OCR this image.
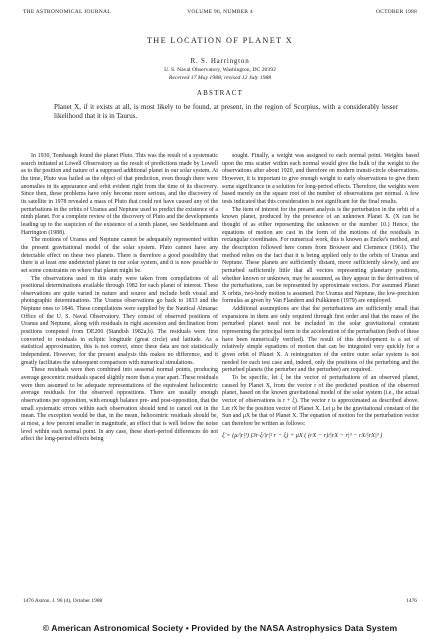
THE ASTRONOMICAL JOURNAL	VOLUME 96, NUMBER 4	OCTOBER 1988
THE LOCATION OF PLANET X
R. S. Harrington
U. S. Naval Observatory, Washington, DC 20392
Received 17 May 1988; revised 12 July 1988
ABSTRACT

Planet X, if it exists at all, is most likely to be found, at present, in the region of Scorpius, with a considerably lesser likelihood that it is in Taurus.

In 1930, Tombaugh found the planet Pluto. This was the result of a systematic search initiated at Lowell Observatory as the result of predictions made by Lowell as to the position and nature of a supposed additional planet in our solar system. At the time, Pluto was hailed as the object of that prediction, even though there were anomalies in its appearance and orbit evident right from the time of its discovery. Since then, these problems have only become more serious, and the discovery of its satellite in 1978 revealed a mass of Pluto that could not have caused any of the perturbations in the orbits of Uranus and Neptune used to predict the existence of a ninth planet. For a complete review of the discovery of Pluto and the developments leading up to the suspicion of the existence of a tenth planet, see Seidelmann and Harrington (1988).

The motions of Uranus and Neptune cannot be adequately represented within the present gravitational model of the solar system. Pluto cannot have any detectable effect on these two planets. There is therefore a good possibility that there is at least one undetected planet in our solar system, and it is now possible to set some constraints on where that planet might be.

The observations used in this study were taken from compilations of all positional determinations available through 1982 for each planet of interest. These observations are quite varied in nature and source and include both visual and photographic determinations. The Uranus observations go back to 1833 and the Neptune ones to 1846. These compilations were supplied by the Nautical Almanac Office of the U. S. Naval Observatory. They consist of observed positions of Uranus and Neptune, along with residuals in right ascension and declination from positions computed from DE200 (Standish 1982a,b). The residuals were first converted to residuals in ecliptic longitude (great circle) and latitude. As a statistical approximation, this is not correct, since these data are not statistically independent. However, for the present analysis this makes no difference, and it greatly facilitates the subsequent comparison with numerical simulations.

These residuals were then combined into seasonal normal points, producing average geocentric residuals spaced slightly more than a year apart. These residuals were then assumed to be adequate representations of the equivalent heliocentric average residuals for the observed oppositions. There are usually enough observations per opposition, with enough balance pre- and post-opposition, that the small systematic errors within each observation should tend to cancel out in the mean. The exception would be that, in the mean, heliocentric residuals should be, at most, a few percent smaller in magnitude, an effect that is well below the noise level within each normal point. In any case, these short-period differences do not affect the long-period effects being

sought. Finally, a weight was assigned to each normal point. Weights based upon the rms scatter within each normal would give the bulk of the weight to the observations after about 1920, and therefore on modern transit-circle observations. However, it is important to give enough weight to early observations to give them some significance in a solution for long-period effects. Therefore, the weights were based merely on the square root of the number of observations per normal. A few tests indicated that this consideration is not significant for the final results.

The item of interest for the present analysis is the perturbation in the orbit of a known planet, produced by the presence of an unknown Planet X. (X can be thought of as either representing the unknown or the number 10.) Hence, the equations of motion are cast in the form of the motions of the residuals in rectangular coordinates. For numerical work, this is known as Encke's method, and the description followed here comes from Brouwer and Clemence (1961). The method relies on the fact that it is being applied only to the orbits of Uranus and Neptune. These planets are sufficiently distant, move sufficiently slowly, and are perturbed sufficiently little that all vectors representing planetary positions, whether known or unknown, may be assumed, as they appear in the derivatives of the perturbations, can be represented by approximate vectors. For assumed Planet X orbits, two-body motion is assumed. For Uranus and Neptune, the low-precision formulas as given by Van Flandern and Pulkkinen (1979) are employed.

Additional assumptions are that the perturbations are sufficiently small that expansions in them are only required through first order and that the mass of the perturbed planet need not be included in the solar gravitational constant representing the principal term in the acceleration of the perturbation (both of these have been numerically verified). The result of this development is a set of relatively simple equations of motion that can be integrated very quickly for a given orbit of Planet X. A reintegration of the entire outer solar system is not needed for each test case and, indeed, only the positions of the perturbing and the perturbed planets (the perturber and the perturbee) are required.

To be specific, let ξ be the vector of perturbations of an observed planet, caused by Planet X, from the vector r of the predicted position of the observed planet, based on the known gravitational model of the solar system (i.e., the actual vector of observations is r + ξ). The vector r is approximated as described above. Let rX be the position vector of Planet X. Let μ be the gravitational constant of the Sun and μX be that of Planet X. The equation of motion for the perturbation vector can therefore be written as follows:

ξ̈ = (μ/|r|³) (3r·ξ/|r|² r − ξ) + μX ( (rX − r)/|rX − r|³ − rX/|rX|³ )
1476 Astron. J. 96 (4), October 1988	1476
© American Astronomical Society • Provided by the NASA Astrophysics Data System
